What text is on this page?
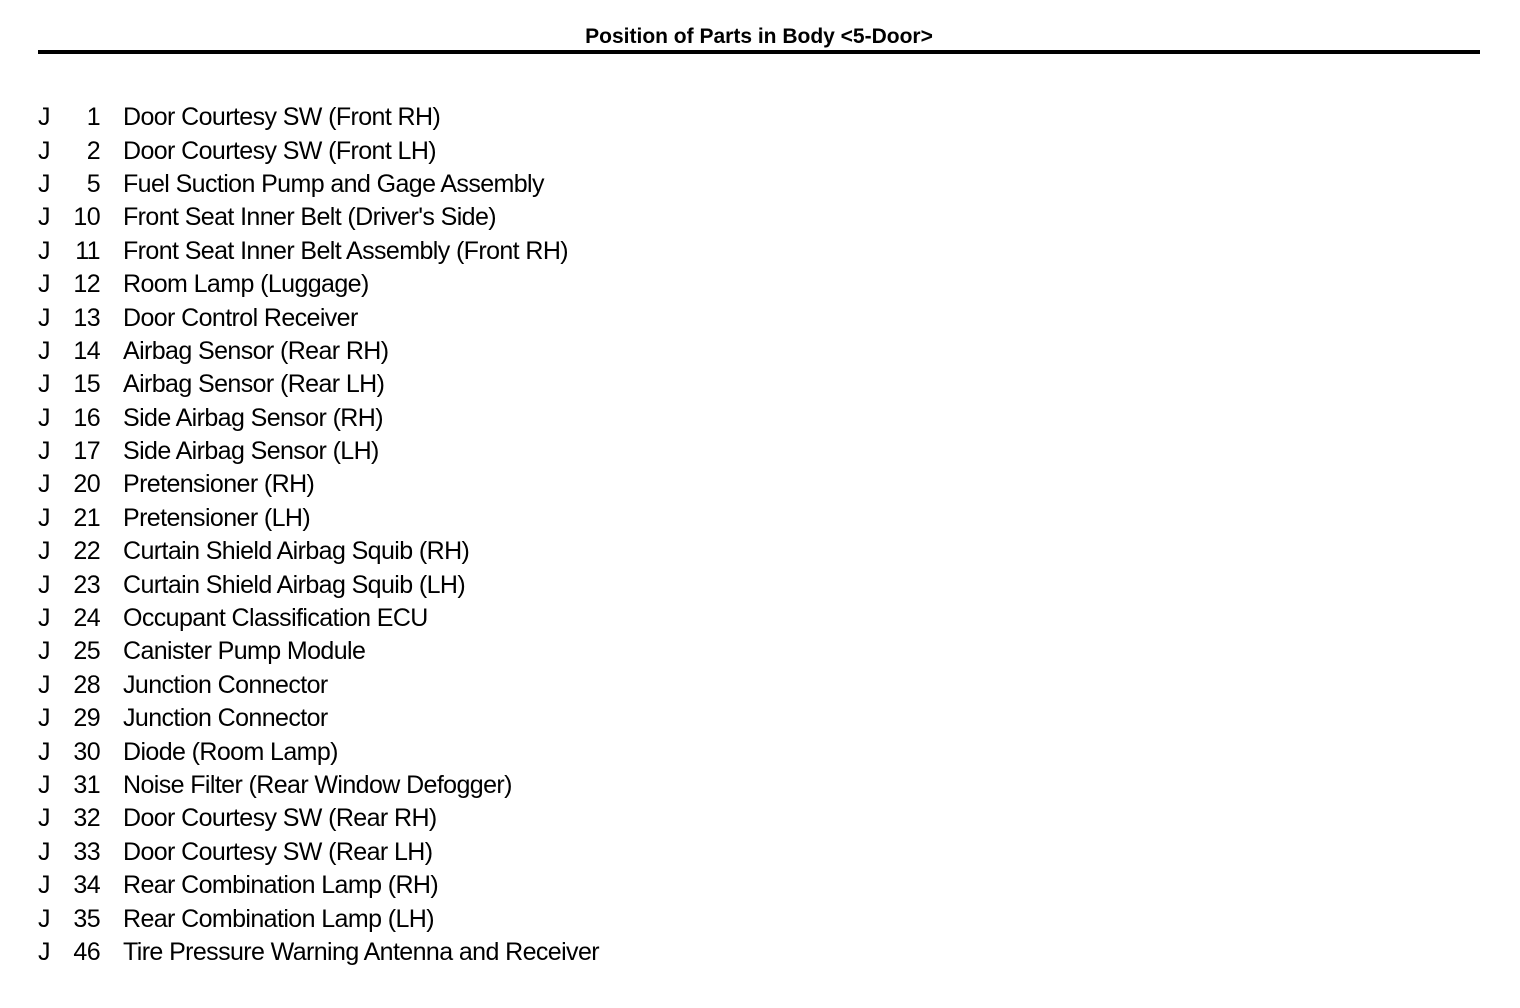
Position of Parts in Body <5-Door>
J	1 Door Courtesy SW (Front RH)
J	2 Door Courtesy SW (Front LH)
J	5 Fuel Suction Pump and Gage Assembly
J 10 Front Seat Inner Belt (Driver's Side)
J	11 Front Seat Inner Belt Assembly (Front RH)
J 12 Room Lamp (Luggage)
J 13 Door Control Receiver
J 14 Airbag Sensor (Rear RH)
J 15 Airbag Sensor (Rear LH)
J 16 Side Airbag Sensor (RH)
J 17 Side Airbag Sensor (LH)
J 20 Pretensioner (RH)
J 21 Pretensioner (LH)
J 22 Curtain Shield Airbag Squib (RH)
J 23 Curtain Shield Airbag Squib (LH)
J 24 Occupant Classification ECU
J 25 Canister Pump Module
J 28 Junction Connector
J 29 Junction Connector
J 30 Diode (Room Lamp)
J 31 Noise Filter (Rear Window Defogger)
J 32 Door Courtesy SW (Rear RH)
J 33 Door Courtesy SW (Rear LH)
J 34 Rear Combination Lamp (RH)
J 35 Rear Combination Lamp (LH)
J 46 Tire Pressure Warning Antenna and Receiver
